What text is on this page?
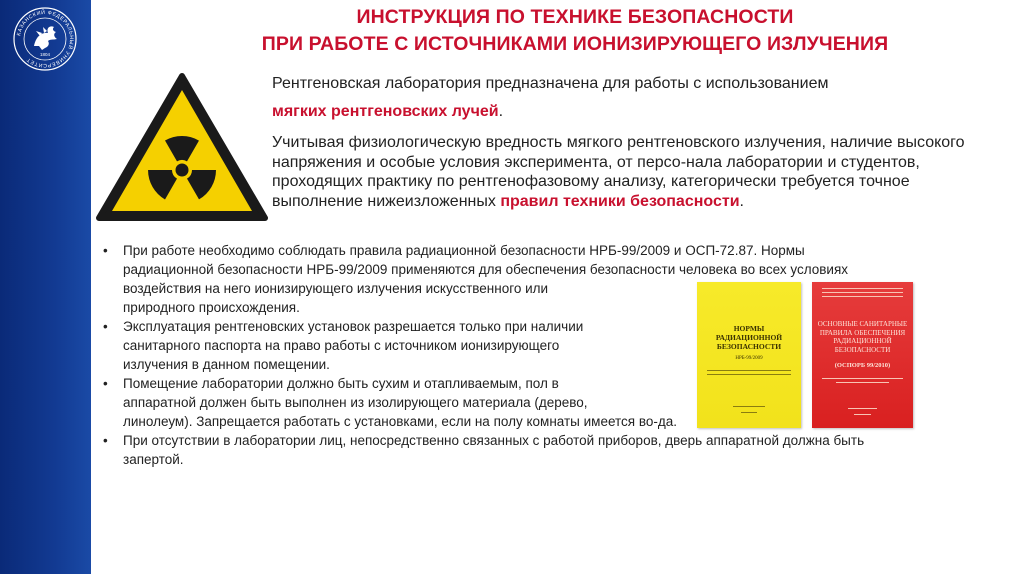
КАЗАНСКИЙ ФЕДЕРАЛЬНЫЙ УНИВЕРСИТЕТ
1804
ИНСТРУКЦИЯ ПО ТЕХНИКЕ БЕЗОПАСНОСТИ
ПРИ РАБОТЕ С ИСТОЧНИКАМИ ИОНИЗИРУЮЩЕГО ИЗЛУЧЕНИЯ

Рентгеновская лаборатория предназначена для работы с использованием

мягких рентгеновских лучей.

Учитывая физиологическую вредность мягкого рентгеновского излучения, наличие высокого напряжения и особые условия эксперимента, от персо-нала лаборатории и студентов, проходящих практику по рентгенофазовому анализу, категорически требуется точное выполнение нижеизложенных правил техники безопасности.

• При работе необходимо соблюдать правила радиационной безопасности НРБ-99/2009 и ОСП-72.87. Нормы
радиационной безопасности НРБ-99/2009 применяются для обеспечения безопасности человека во всех условиях
воздействия на него ионизирующего излучения искусственного или
природного происхождения.
• Эксплуатация рентгеновских установок разрешается только при наличии
санитарного паспорта на право работы с источником ионизирующего
излучения в данном помещении.
• Помещение лаборатории должно быть сухим и отапливаемым, пол в
аппаратной должен быть выполнен из изолирующего материала (дерево,
линолеум). Запрещается работать с установками, если на полу комнаты имеется во-да.
• При отсутствии в лаборатории лиц, непосредственно связанных с работой приборов, дверь аппаратной должна быть
запертой.
НОРМЫ РАДИАЦИОННОЙ БЕЗОПАСНОСТИ
НРБ-99/2009
ОСНОВНЫЕ САНИТАРНЫЕ ПРАВИЛА ОБЕСПЕЧЕНИЯ РАДИАЦИОННОЙ БЕЗОПАСНОСТИ
(ОСПОРБ 99/2010)
